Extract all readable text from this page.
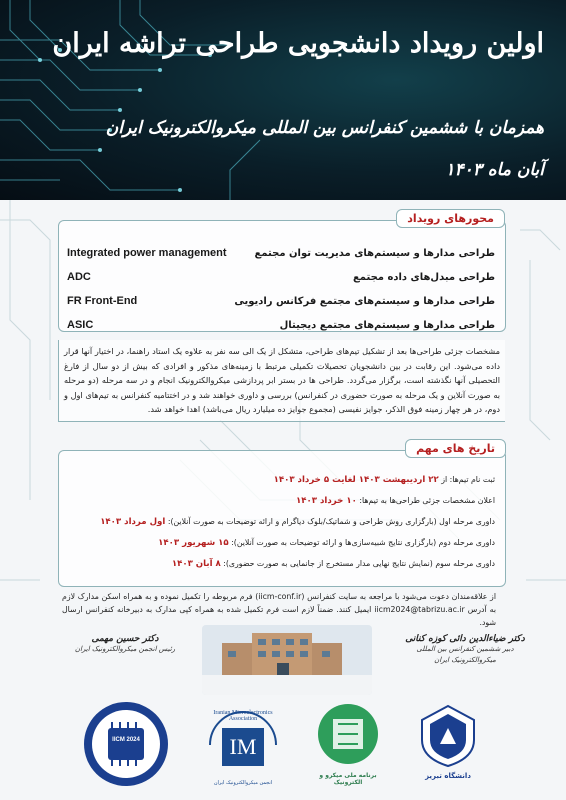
اولین رویداد دانشجویی طراحی تراشه ایران
همزمان با ششمین کنفرانس بین المللی میکروالکترونیک ایران
آبان ماه ۱۴۰۳
محورهای رویداد
طراحی مدارها و سیستم‌های مدیریت توان مجتمع
Integrated power management
طراحی مبدل‌های داده مجتمع
ADC
طراحی مدارها و سیستم‌های مجتمع فرکانس رادیویی
FR Front-End
طراحی مدارها و سیستم‌های مجتمع دیجیتال
ASIC
مشخصات جزئی طراحی‌ها بعد از تشکیل تیم‌های طراحی، متشکل از یک الی سه نفر به علاوه یک استاد راهنما، در اختیار آنها قرار داده می‌شود. این رقابت در بین دانشجویان تحصیلات تکمیلی مرتبط با زمینه‌های مذکور و افرادی که بیش از دو سال از فارغ التحصیلی آنها نگذشته است، برگزار می‌گردد. طراحی ها در بستر ابر پردازشی میکروالکترونیک انجام و در سه مرحله (دو مرحله به صورت آنلاین و یک مرحله به صورت حضوری در کنفرانس) بررسی و داوری خواهند شد و در اختتامیه کنفرانس به تیم‌های اول و دوم، در هر چهار زمینه فوق الذکر، جوایز نفیسی (مجموع جوایز ده میلیارد ریال می‌باشد) اهدا خواهد شد.
تاریخ های مهم
ثبت نام تیم‌ها: از ۲۲ اردیبهشت ۱۴۰۳ لغایت ۵ خرداد ۱۴۰۳
اعلان مشخصات جزئی طراحی‌ها به تیم‌ها: ۱۰ خرداد ۱۴۰۳
داوری مرحله اول (بارگزاری روش طراحی و شماتیک/بلوک دیاگرام و ارائه توضیحات به صورت آنلاین): اول مرداد ۱۴۰۳
داوری مرحله دوم (بارگزاری نتایج شبیه‌سازی‌ها و ارائه توضیحات به صورت آنلاین): ۱۵ شهریور ۱۴۰۳
داوری مرحله سوم (نمایش نتایج نهایی مدار مستخرج از جانمایی به صورت حضوری): ۸ آبان ۱۴۰۳
از علاقه‌مندان دعوت می‌شود با مراجعه به سایت کنفرانس (iicm-conf.ir) فرم مربوطه را تکمیل نموده و به همراه اسکن مدارک لازم به آدرس iicm2024@tabrizu.ac.ir ایمیل کنند. ضمناً لازم است فرم تکمیل شده به همراه کپی مدارک به دبیرخانه کنفرانس ارسال شود.
دکتر حسین مهمی
رئیس انجمن میکروالکترونیک ایران
دکتر ضیاءالدین دائی کوزه کنانی
دبیر ششمین کنفرانس بین المللی میکروالکترونیک ایران
IICM 2024	IM
Iranian Microelectronics Association
انجمن میکروالکترونیک ایران
برنامه ملی میکرو و الکترونیک
دانشگاه تبریز
